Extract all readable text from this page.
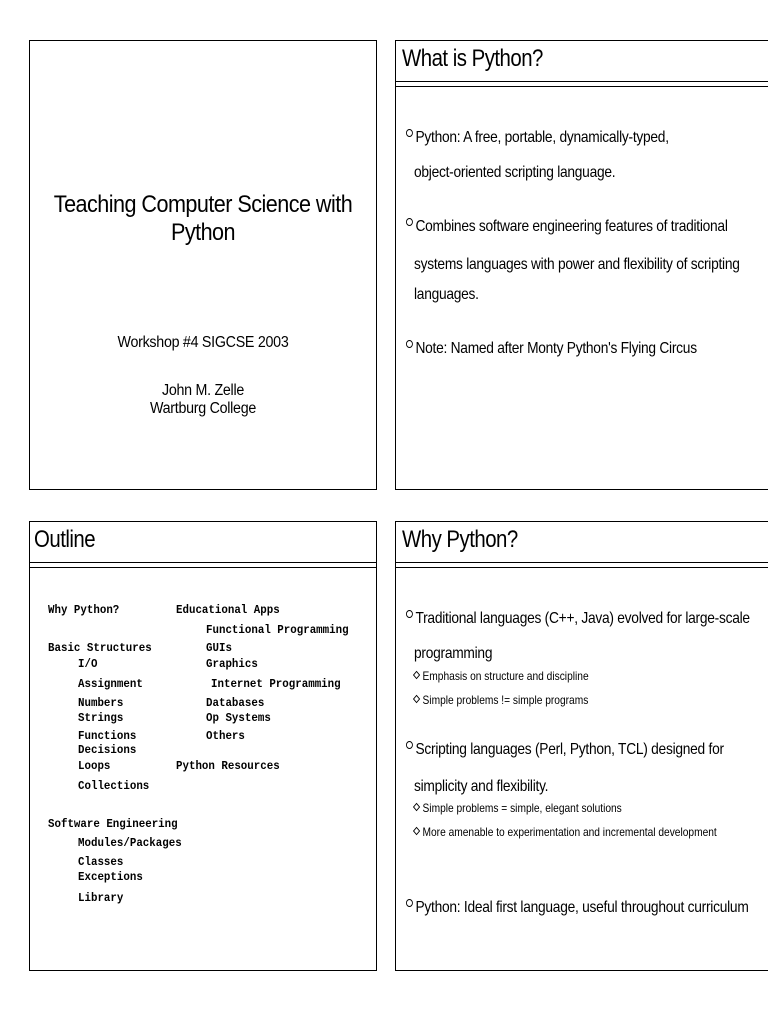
Teaching Computer Science with Python
Workshop #4 SIGCSE 2003
John M. Zelle
Wartburg College
What is Python?
Python: A free, portable, dynamically-typed,
object-oriented scripting language.
Combines software engineering features of traditional
systems languages with power and flexibility of scripting
languages.
Note: Named after Monty Python's Flying Circus
Outline
Why Python?
Basic Structures
I/O
Assignment
Numbers
Strings
Functions
Decisions
Loops
Collections
Software Engineering
Modules/Packages
Classes
Exceptions
Library
Educational Apps
Functional Programming
GUIs
Graphics
Internet Programming
Databases
Op Systems
Others
Python Resources
Why Python?
Traditional languages (C++, Java) evolved for large-scale
programming
Emphasis on structure and discipline
Simple problems != simple programs
Scripting languages (Perl, Python, TCL) designed for
simplicity and flexibility.
Simple problems = simple, elegant solutions
More amenable to experimentation and incremental development
Python: Ideal first language, useful throughout curriculum
